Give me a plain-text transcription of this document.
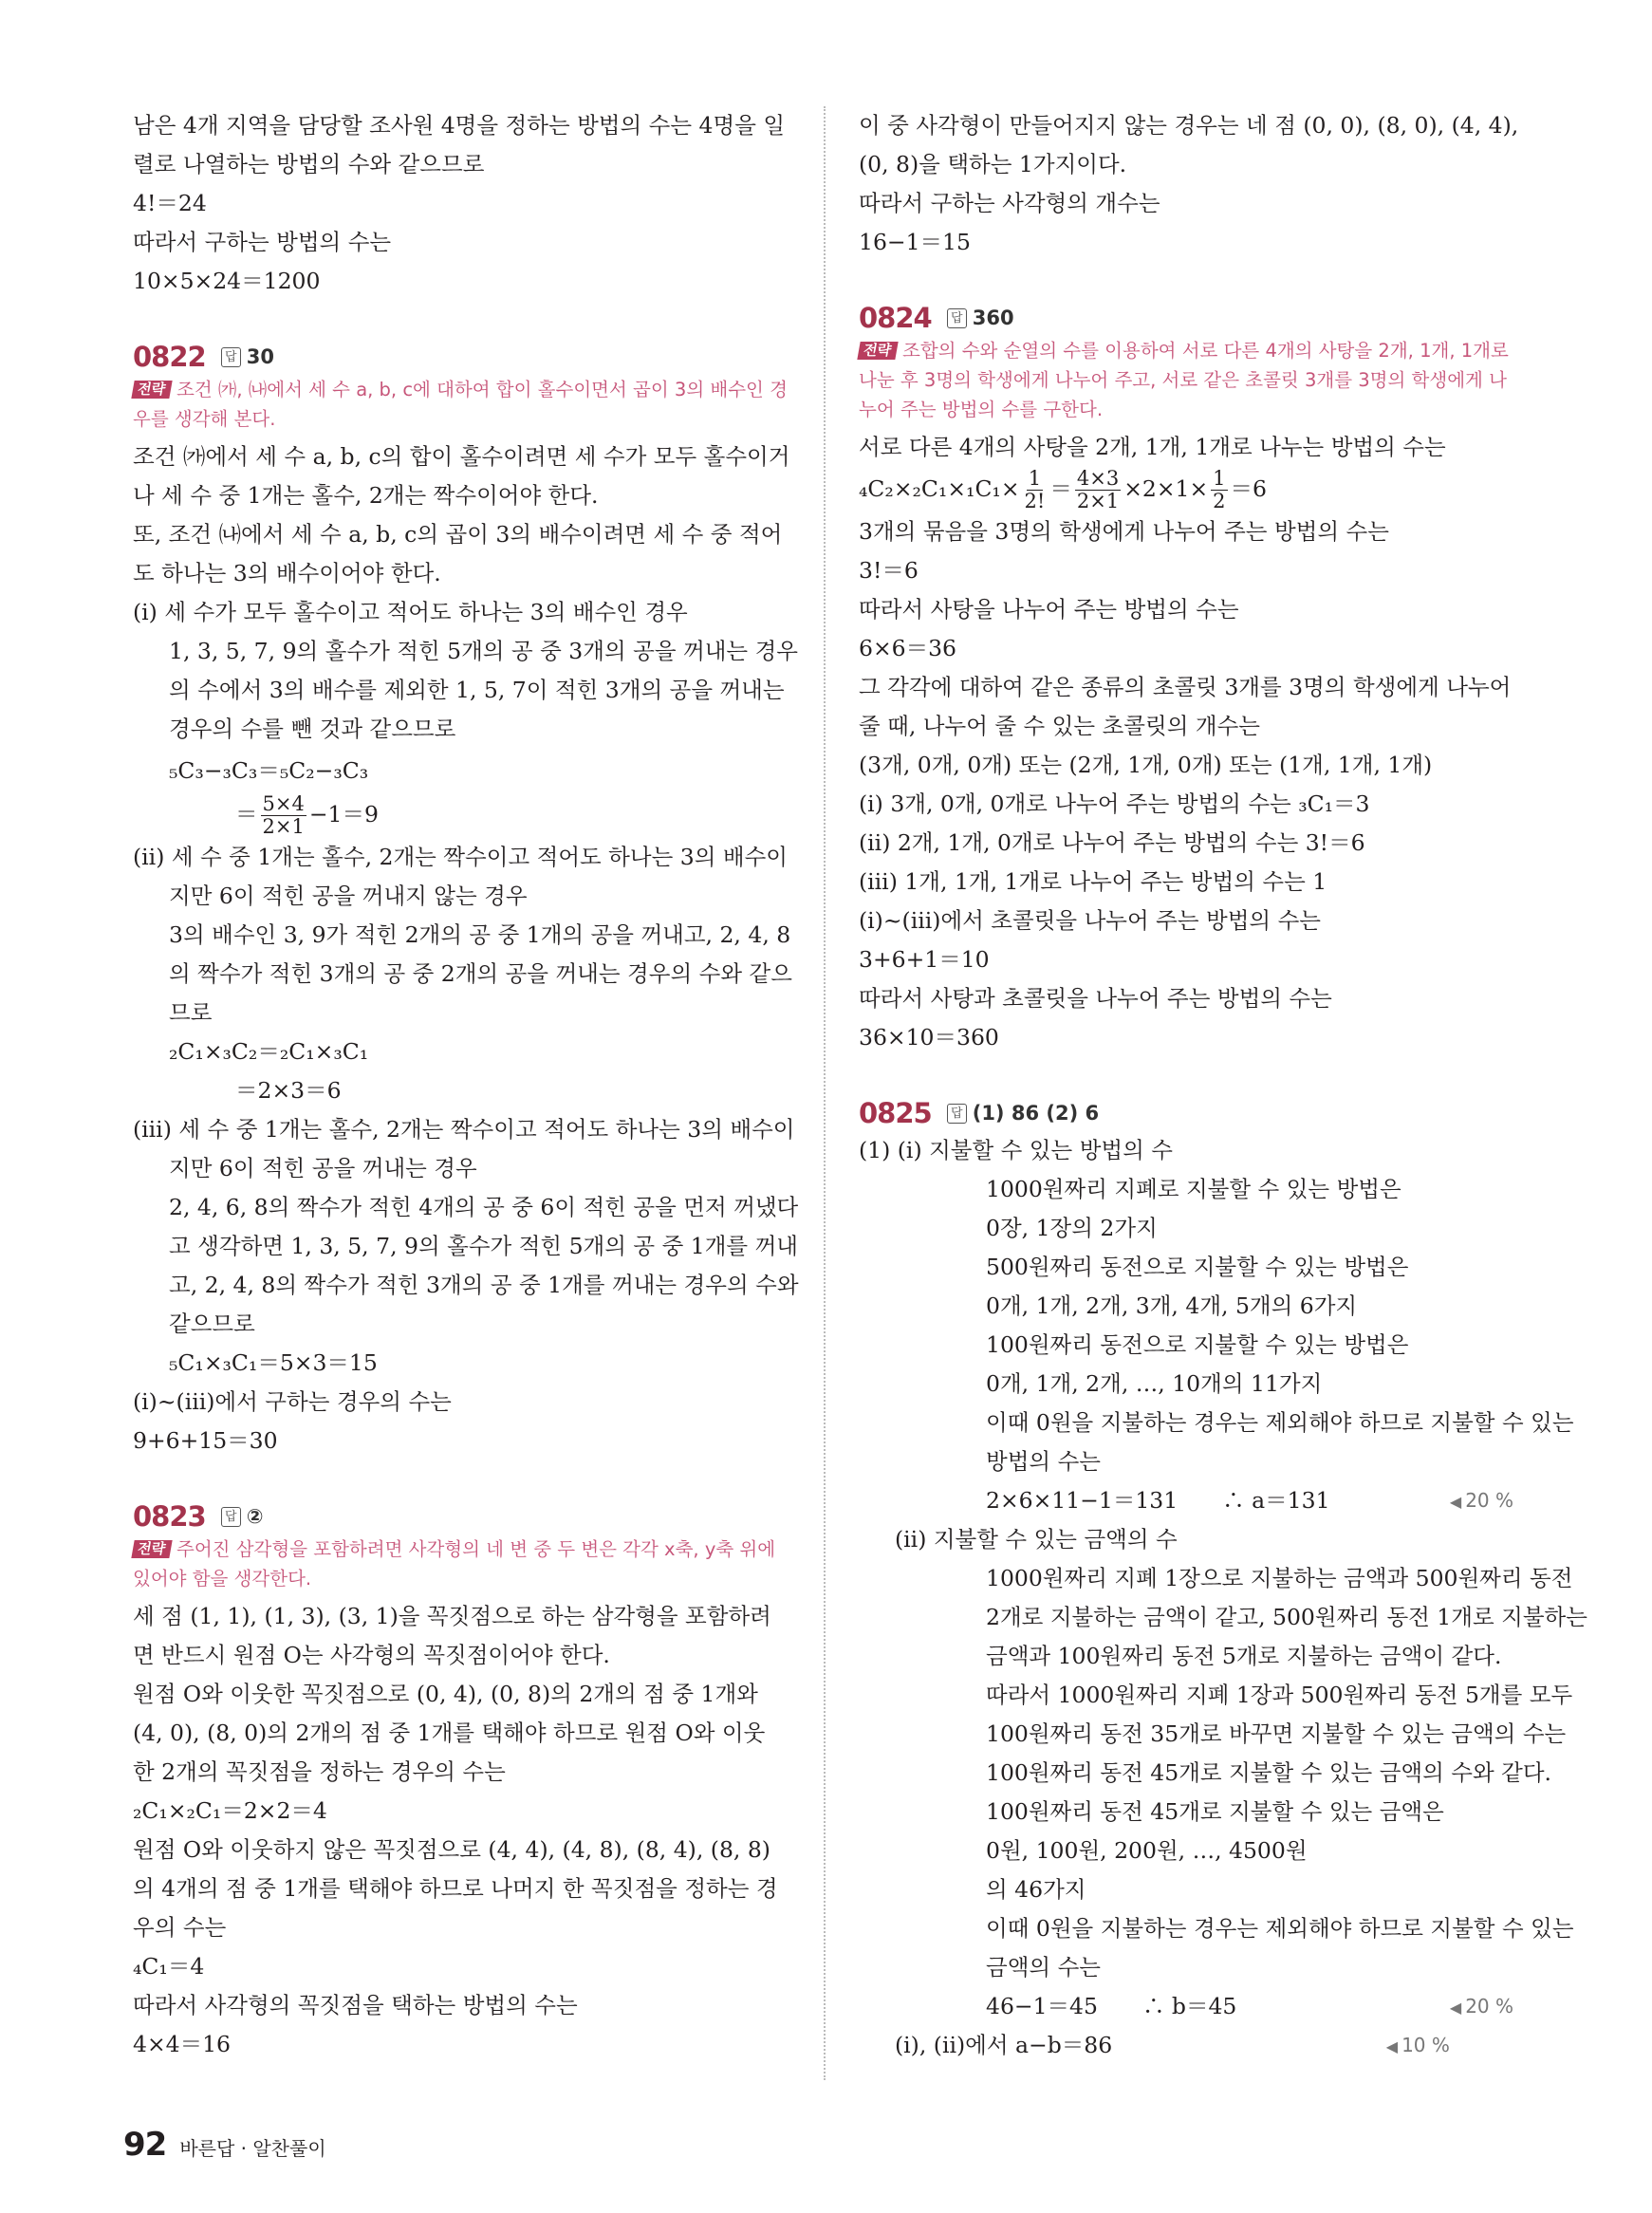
남은 4개 지역을 담당할 조사원 4명을 정하는 방법의 수는 4명을 일

렬로 나열하는 방법의 수와 같으므로

4!＝24

따라서 구하는 방법의 수는

10×5×24＝1200

0822	답 30
전략 조건 ㈎, ㈏에서 세 수 a, b, c에 대하여 합이 홀수이면서 곱이 3의 배수인 경우를 생각해 본다.

조건 ㈎에서 세 수 a, b, c의 합이 홀수이려면 세 수가 모두 홀수이거

나 세 수 중 1개는 홀수, 2개는 짝수이어야 한다.

또, 조건 ㈏에서 세 수 a, b, c의 곱이 3의 배수이려면 세 수 중 적어

도 하나는 3의 배수이어야 한다.

(ⅰ) 세 수가 모두 홀수이고 적어도 하나는 3의 배수인 경우

1, 3, 5, 7, 9의 홀수가 적힌 5개의 공 중 3개의 공을 꺼내는 경우

의 수에서 3의 배수를 제외한 1, 5, 7이 적힌 3개의 공을 꺼내는

경우의 수를 뺀 것과 같으므로

₅C₃−₃C₃＝₅C₂−₃C₃

＝ $\frac{5\times 4}{2\times 1} -1=9$

(ⅱ) 세 수 중 1개는 홀수, 2개는 짝수이고 적어도 하나는 3의 배수이

지만 6이 적힌 공을 꺼내지 않는 경우

3의 배수인 3, 9가 적힌 2개의 공 중 1개의 공을 꺼내고, 2, 4, 8

의 짝수가 적힌 3개의 공 중 2개의 공을 꺼내는 경우의 수와 같으

므로

₂C₁×₃C₂＝₂C₁×₃C₁

＝2×3＝6

(ⅲ) 세 수 중 1개는 홀수, 2개는 짝수이고 적어도 하나는 3의 배수이

지만 6이 적힌 공을 꺼내는 경우

2, 4, 6, 8의 짝수가 적힌 4개의 공 중 6이 적힌 공을 먼저 꺼냈다

고 생각하면 1, 3, 5, 7, 9의 홀수가 적힌 5개의 공 중 1개를 꺼내

고, 2, 4, 8의 짝수가 적힌 3개의 공 중 1개를 꺼내는 경우의 수와

같으므로

₅C₁×₃C₁＝5×3＝15

(ⅰ)~(ⅲ)에서 구하는 경우의 수는

9+6+15＝30

0823	답 ②
전략 주어진 삼각형을 포함하려면 사각형의 네 변 중 두 변은 각각 x축, y축 위에 있어야 함을 생각한다.

세 점 (1, 1), (1, 3), (3, 1)을 꼭짓점으로 하는 삼각형을 포함하려

면 반드시 원점 O는 사각형의 꼭짓점이어야 한다.

원점 O와 이웃한 꼭짓점으로 (0, 4), (0, 8)의 2개의 점 중 1개와

(4, 0), (8, 0)의 2개의 점 중 1개를 택해야 하므로 원점 O와 이웃

한 2개의 꼭짓점을 정하는 경우의 수는

₂C₁×₂C₁＝2×2＝4

원점 O와 이웃하지 않은 꼭짓점으로 (4, 4), (4, 8), (8, 4), (8, 8)

의 4개의 점 중 1개를 택해야 하므로 나머지 한 꼭짓점을 정하는 경

우의 수는

₄C₁＝4

따라서 사각형의 꼭짓점을 택하는 방법의 수는

4×4＝16

이 중 사각형이 만들어지지 않는 경우는 네 점 (0, 0), (8, 0), (4, 4),

(0, 8)을 택하는 1가지이다.

따라서 구하는 사각형의 개수는

16−1＝15

0824	답 360
전략 조합의 수와 순열의 수를 이용하여 서로 다른 4개의 사탕을 2개, 1개, 1개로 나눈 후 3명의 학생에게 나누어 주고, 서로 같은 초콜릿 3개를 3명의 학생에게 나누어 주는 방법의 수를 구한다.

서로 다른 4개의 사탕을 2개, 1개, 1개로 나누는 방법의 수는

$_4C_2\times_2C_1\times_1C_1\times \frac{1}{2!} = \frac{4\times 3}{2\times 1} \times 2\times 1\times \frac{1}{2} =6$

3개의 묶음을 3명의 학생에게 나누어 주는 방법의 수는

3!＝6

따라서 사탕을 나누어 주는 방법의 수는

6×6＝36

그 각각에 대하여 같은 종류의 초콜릿 3개를 3명의 학생에게 나누어

줄 때, 나누어 줄 수 있는 초콜릿의 개수는

(3개, 0개, 0개) 또는 (2개, 1개, 0개) 또는 (1개, 1개, 1개)

(ⅰ) 3개, 0개, 0개로 나누어 주는 방법의 수는 ₃C₁＝3

(ⅱ) 2개, 1개, 0개로 나누어 주는 방법의 수는 3!＝6

(ⅲ) 1개, 1개, 1개로 나누어 주는 방법의 수는 1

(ⅰ)~(ⅲ)에서 초콜릿을 나누어 주는 방법의 수는

3+6+1＝10

따라서 사탕과 초콜릿을 나누어 주는 방법의 수는

36×10＝360

0825	답 (1) 86 (2) 6

(1) (ⅰ) 지불할 수 있는 방법의 수

1000원짜리 지폐로 지불할 수 있는 방법은

0장, 1장의 2가지

500원짜리 동전으로 지불할 수 있는 방법은

0개, 1개, 2개, 3개, 4개, 5개의 6가지

100원짜리 동전으로 지불할 수 있는 방법은

0개, 1개, 2개, …, 10개의 11가지

이때 0원을 지불하는 경우는 제외해야 하므로 지불할 수 있는

방법의 수는

2×6×11−1＝131　　∴ a＝131	◀ 20 %

(ⅱ) 지불할 수 있는 금액의 수

1000원짜리 지폐 1장으로 지불하는 금액과 500원짜리 동전

2개로 지불하는 금액이 같고, 500원짜리 동전 1개로 지불하는

금액과 100원짜리 동전 5개로 지불하는 금액이 같다.

따라서 1000원짜리 지폐 1장과 500원짜리 동전 5개를 모두

100원짜리 동전 35개로 바꾸면 지불할 수 있는 금액의 수는

100원짜리 동전 45개로 지불할 수 있는 금액의 수와 같다.

100원짜리 동전 45개로 지불할 수 있는 금액은

0원, 100원, 200원, …, 4500원

의 46가지

이때 0원을 지불하는 경우는 제외해야 하므로 지불할 수 있는

금액의 수는

46−1＝45　　∴ b＝45	◀ 20 %

(ⅰ), (ⅱ)에서 a−b＝86	◀ 10 %

92 바른답 · 알찬풀이
